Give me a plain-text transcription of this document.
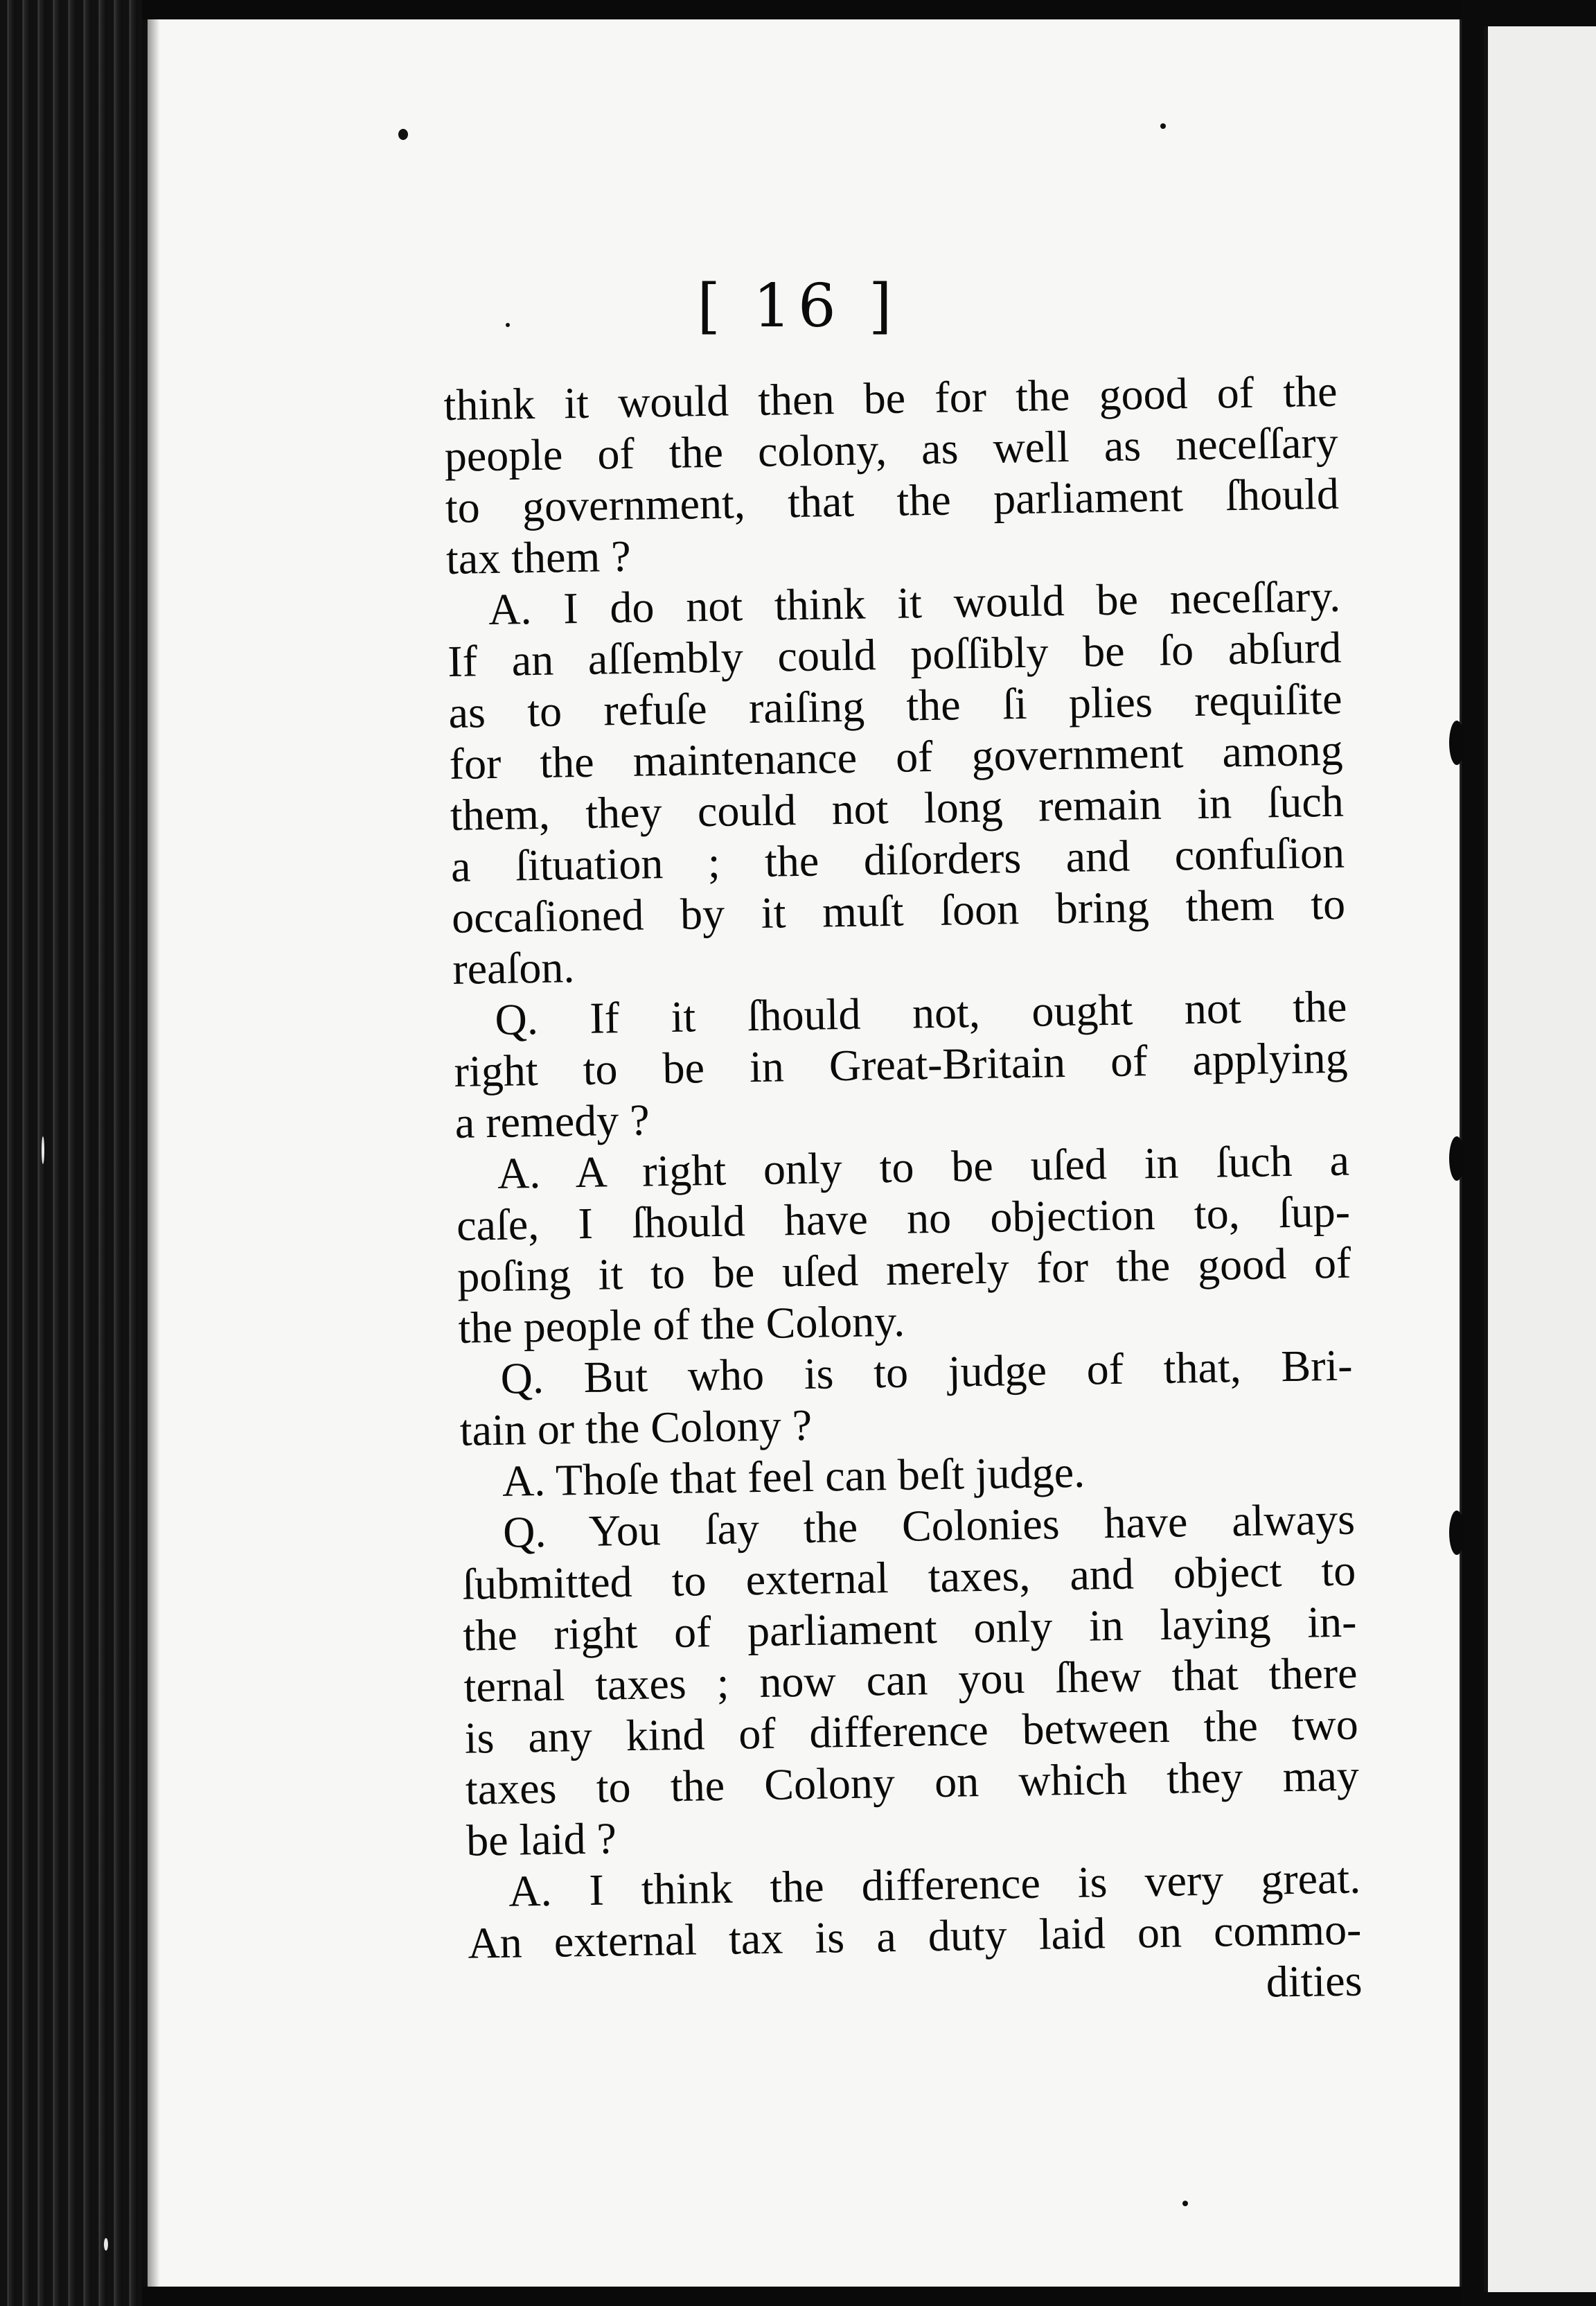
[ 16 ]
think it would then be for the good of the
people of the colony, as well as neceſſary
to government, that the parliament ſhould
tax them ?
A. I do not think it would be neceſſary.
If an aſſembly could poſſibly be ſo abſurd
as to refuſe raiſing the ſi plies requiſite
for the maintenance of government among
them, they could not long remain in ſuch
a ſituation ; the diſorders and confuſion
occaſioned by it muſt ſoon bring them to
reaſon.
Q. If it ſhould not, ought not the
right to be in Great-Britain of applying
a remedy ?
A. A right only to be uſed in ſuch a
caſe, I ſhould have no objection to, ſup-
poſing it to be uſed merely for the good of
the people of the Colony.
Q. But who is to judge of that, Bri-
tain or the Colony ?
A. Thoſe that feel can beſt judge.
Q. You ſay the Colonies have always
ſubmitted to external taxes, and object to
the right of parliament only in laying in-
ternal taxes ; now can you ſhew that there
is any kind of difference between the two
taxes to the Colony on which they may
be laid ?
A. I think the difference is very great.
An external tax is a duty laid on commo-
dities
